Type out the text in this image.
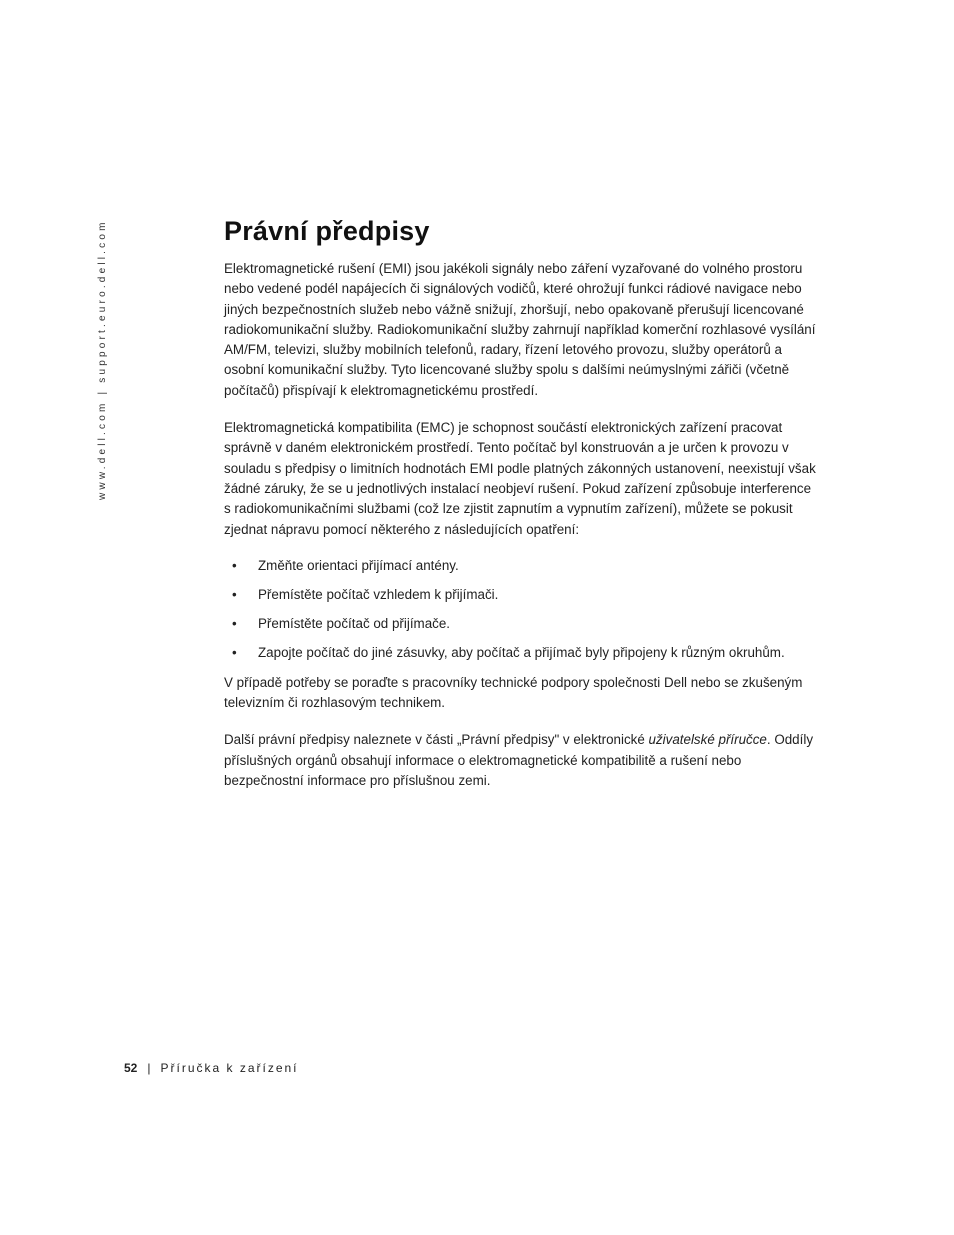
www.dell.com | support.euro.dell.com	Právní předpisy

Elektromagnetické rušení (EMI) jsou jakékoli signály nebo záření vyzařované do volného prostoru nebo vedené podél napájecích či signálových vodičů, které ohrožují funkci rádiové navigace nebo jiných bezpečnostních služeb nebo vážně snižují, zhoršují, nebo opakovaně přerušují licencované radiokomunikační služby. Radiokomunikační služby zahrnují například komerční rozhlasové vysílání AM/FM, televizi, služby mobilních telefonů, radary, řízení letového provozu, služby operátorů a osobní komunikační služby. Tyto licencované služby spolu s dalšími neúmyslnými zářiči (včetně počítačů) přispívají k elektromagnetickému prostředí.

Elektromagnetická kompatibilita (EMC) je schopnost součástí elektronických zařízení pracovat správně v daném elektronickém prostředí. Tento počítač byl konstruován a je určen k provozu v souladu s předpisy o limitních hodnotách EMI podle platných zákonných ustanovení, neexistují však žádné záruky, že se u jednotlivých instalací neobjeví rušení. Pokud zařízení způsobuje interference s radiokomunikačními službami (což lze zjistit zapnutím a vypnutím zařízení), můžete se pokusit zjednat nápravu pomocí některého z následujících opatření:

• Změňte orientaci přijímací antény.
• Přemístěte počítač vzhledem k přijímači.
• Přemístěte počítač od přijímače.
• Zapojte počítač do jiné zásuvky, aby počítač a přijímač byly připojeny k různým okruhům.

V případě potřeby se poraďte s pracovníky technické podpory společnosti Dell nebo se zkušeným televizním či rozhlasovým technikem.

Další právní předpisy naleznete v části „Právní předpisy" v elektronické uživatelské příručce. Oddíly příslušných orgánů obsahují informace o elektromagnetické kompatibilitě a rušení nebo bezpečnostní informace pro příslušnou zemi.

52 | Příručka k zařízení
